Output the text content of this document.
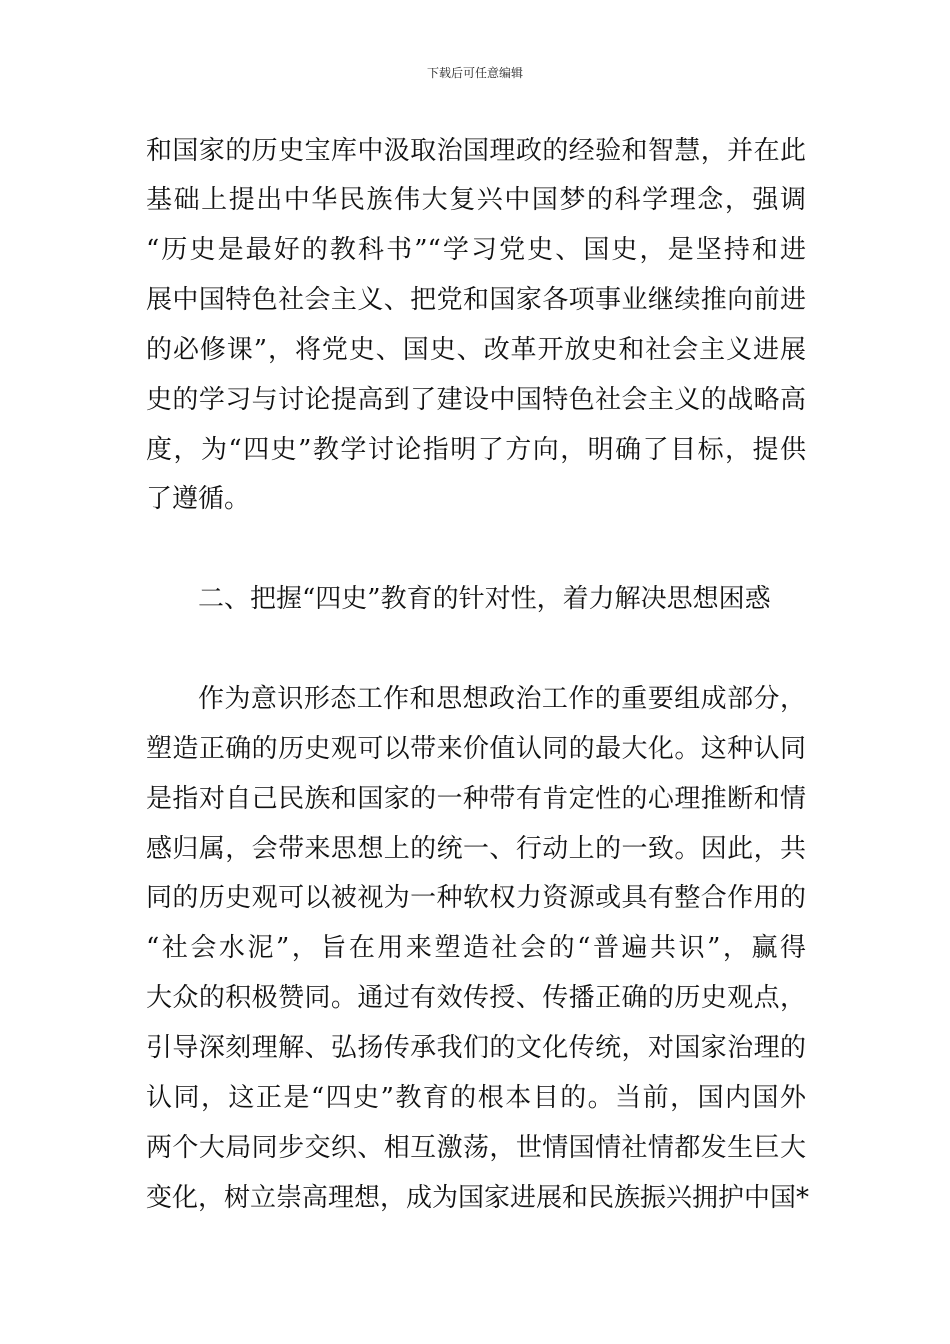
下载后可任意编辑
和国家的历史宝库中汲取治国理政的经验和智慧，并在此
基础上提出中华民族伟大复兴中国梦的科学理念，强调
“历史是最好的教科书”“学习党史、国史，是坚持和进
展中国特色社会主义、把党和国家各项事业继续推向前进
的必修课”，将党史、国史、改革开放史和社会主义进展
史的学习与讨论提高到了建设中国特色社会主义的战略高
度，为“四史”教学讨论指明了方向，明确了目标，提供
了遵循。
二、把握“四史”教育的针对性，着力解决思想困惑
作为意识形态工作和思想政治工作的重要组成部分，
塑造正确的历史观可以带来价值认同的最大化。这种认同
是指对自己民族和国家的一种带有肯定性的心理推断和情
感归属，会带来思想上的统一、行动上的一致。因此，共
同的历史观可以被视为一种软权力资源或具有整合作用的
“社会水泥”，旨在用来塑造社会的“普遍共识”，赢得
大众的积极赞同。通过有效传授、传播正确的历史观点，
引导深刻理解、弘扬传承我们的文化传统，对国家治理的
认同，这正是“四史”教育的根本目的。当前，国内国外
两个大局同步交织、相互激荡，世情国情社情都发生巨大
变化，树立崇高理想，成为国家进展和民族振兴拥护中国*
